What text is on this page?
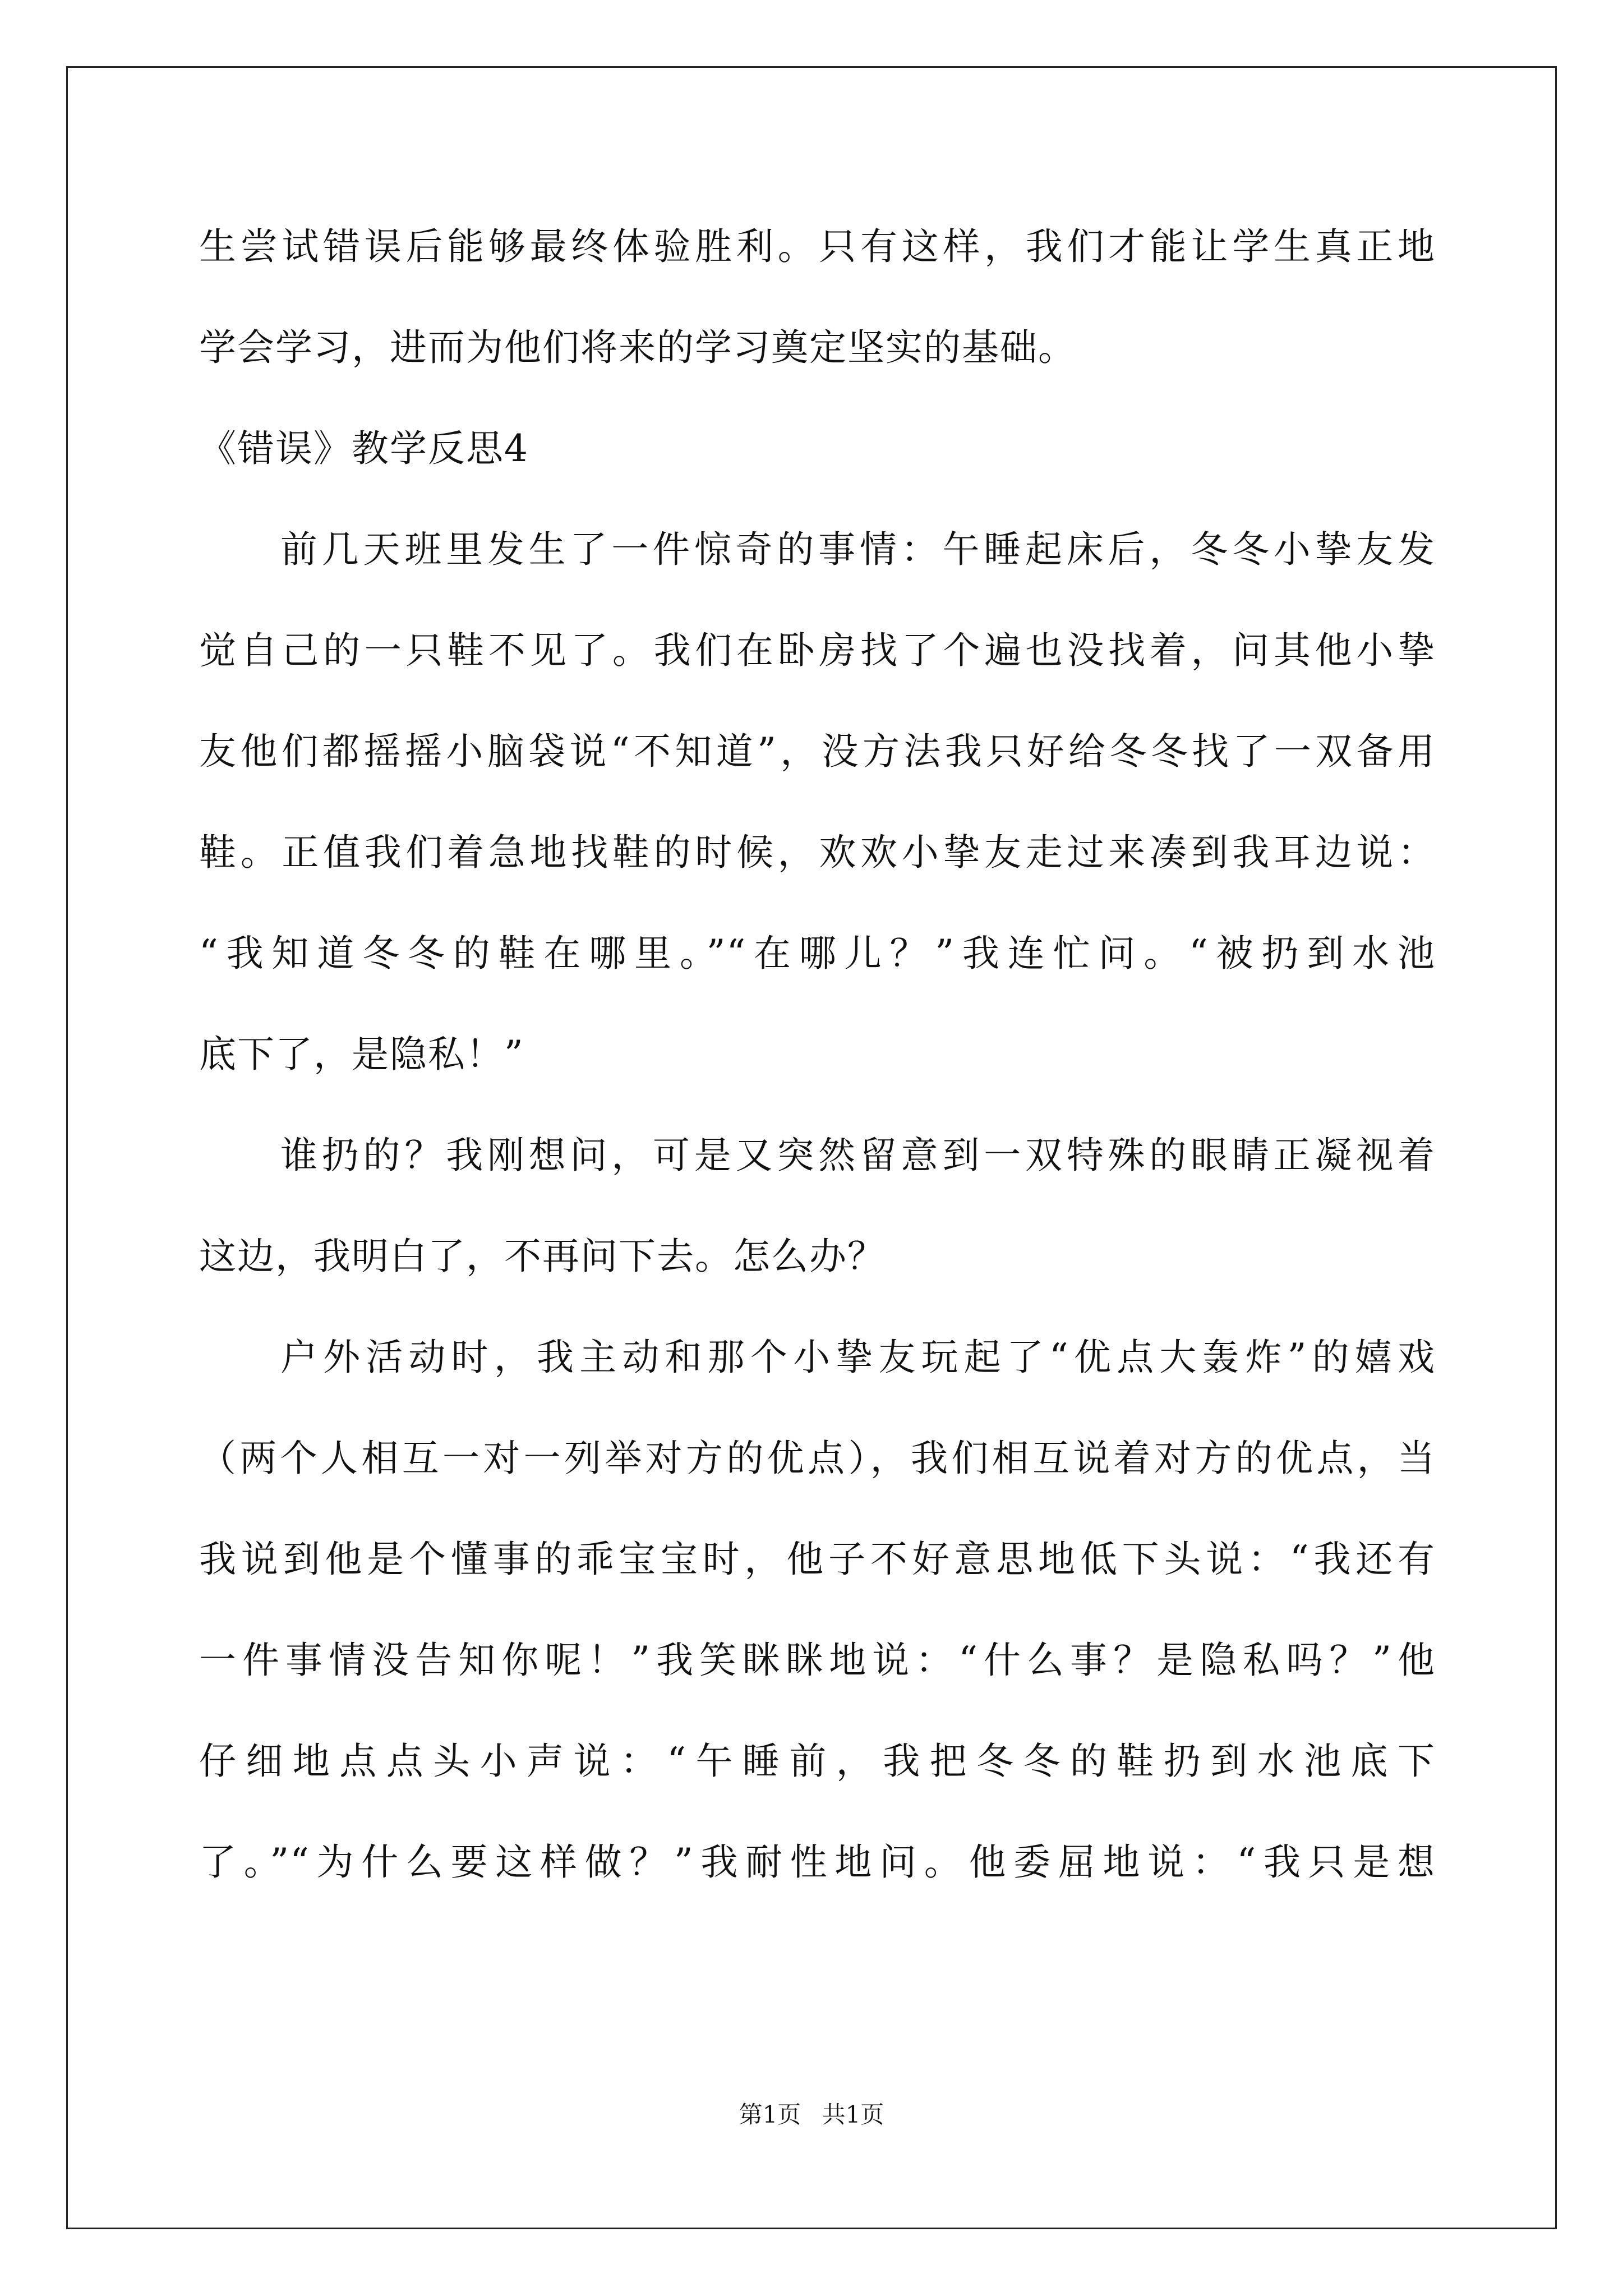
生尝试错误后能够最终体验胜利。只有这样，我们才能让学生真正地
学会学习，进而为他们将来的学习奠定坚实的基础。
《错误》教学反思4
前几天班里发生了一件惊奇的事情：午睡起床后，冬冬小挚友发
觉自己的一只鞋不见了。我们在卧房找了个遍也没找着，问其他小挚
友他们都摇摇小脑袋说“不知道”，没方法我只好给冬冬找了一双备用
鞋。正值我们着急地找鞋的时候，欢欢小挚友走过来凑到我耳边说：
“我知道冬冬的鞋在哪里。”“在哪儿？”我连忙问。“被扔到水池
底下了，是隐私！”
谁扔的？我刚想问，可是又突然留意到一双特殊的眼睛正凝视着
这边，我明白了，不再问下去。怎么办？
户外活动时，我主动和那个小挚友玩起了“优点大轰炸”的嬉戏
（两个人相互一对一列举对方的优点），我们相互说着对方的优点，当
我说到他是个懂事的乖宝宝时，他子不好意思地低下头说：“我还有
一件事情没告知你呢！”我笑眯眯地说：“什么事？是隐私吗？”他
仔细地点点头小声说：“午睡前，我把冬冬的鞋扔到水池底下
了。”“为什么要这样做？”我耐性地问。他委屈地说：“我只是想
第1页 共1页
